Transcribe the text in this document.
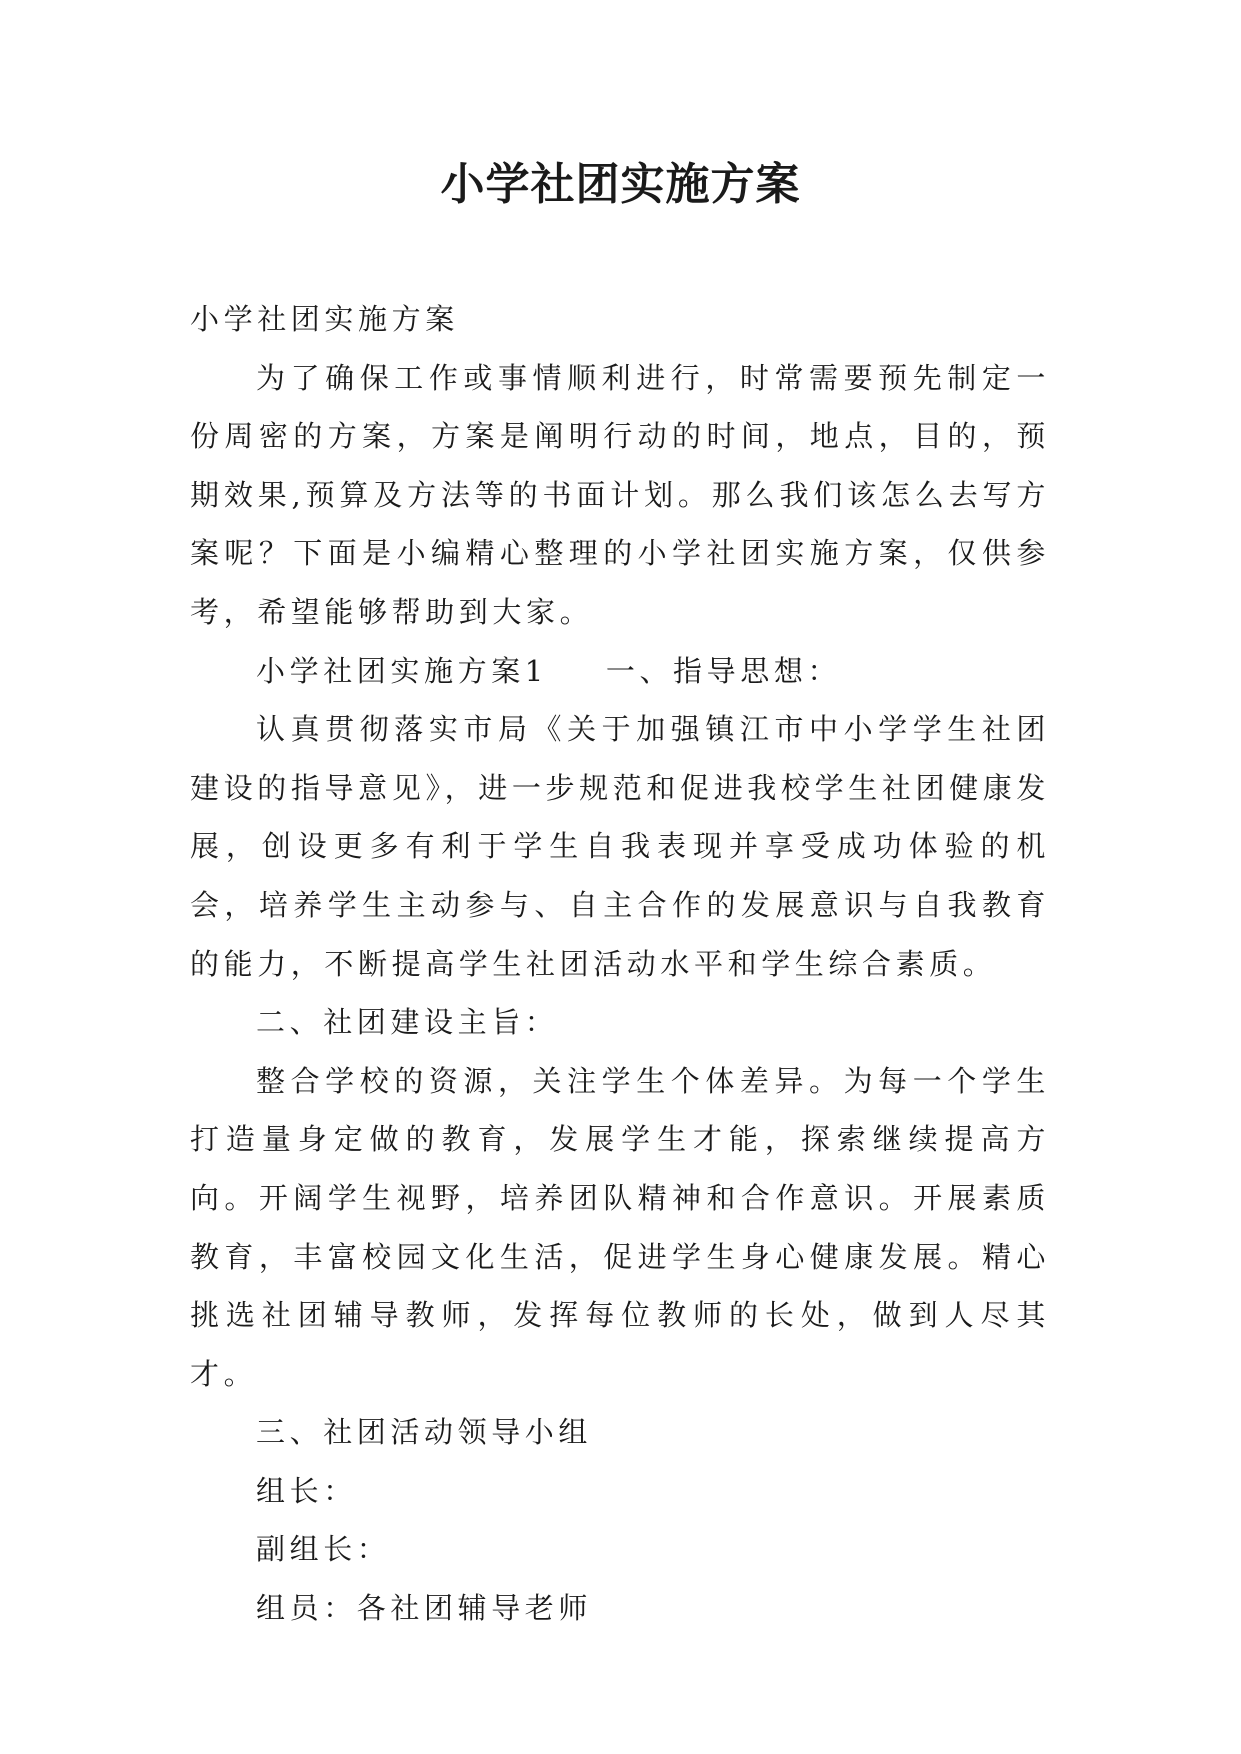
小学社团实施方案

小学社团实施方案

为了确保工作或事情顺利进行，时常需要预先制定一份周密的方案，方案是阐明行动的时间，地点，目的，预期效果,预算及方法等的书面计划。那么我们该怎么去写方案呢？下面是小编精心整理的小学社团实施方案，仅供参考，希望能够帮助到大家。

小学社团实施方案1 一、指导思想：

认真贯彻落实市局《关于加强镇江市中小学学生社团建设的指导意见》，进一步规范和促进我校学生社团健康发展，创设更多有利于学生自我表现并享受成功体验的机会，培养学生主动参与、自主合作的发展意识与自我教育的能力，不断提高学生社团活动水平和学生综合素质。

二、社团建设主旨：

整合学校的资源，关注学生个体差异。为每一个学生打造量身定做的教育，发展学生才能，探索继续提高方向。开阔学生视野，培养团队精神和合作意识。开展素质教育，丰富校园文化生活，促进学生身心健康发展。精心挑选社团辅导教师，发挥每位教师的长处，做到人尽其才。

三、社团活动领导小组

组长：

副组长：

组员：各社团辅导老师
